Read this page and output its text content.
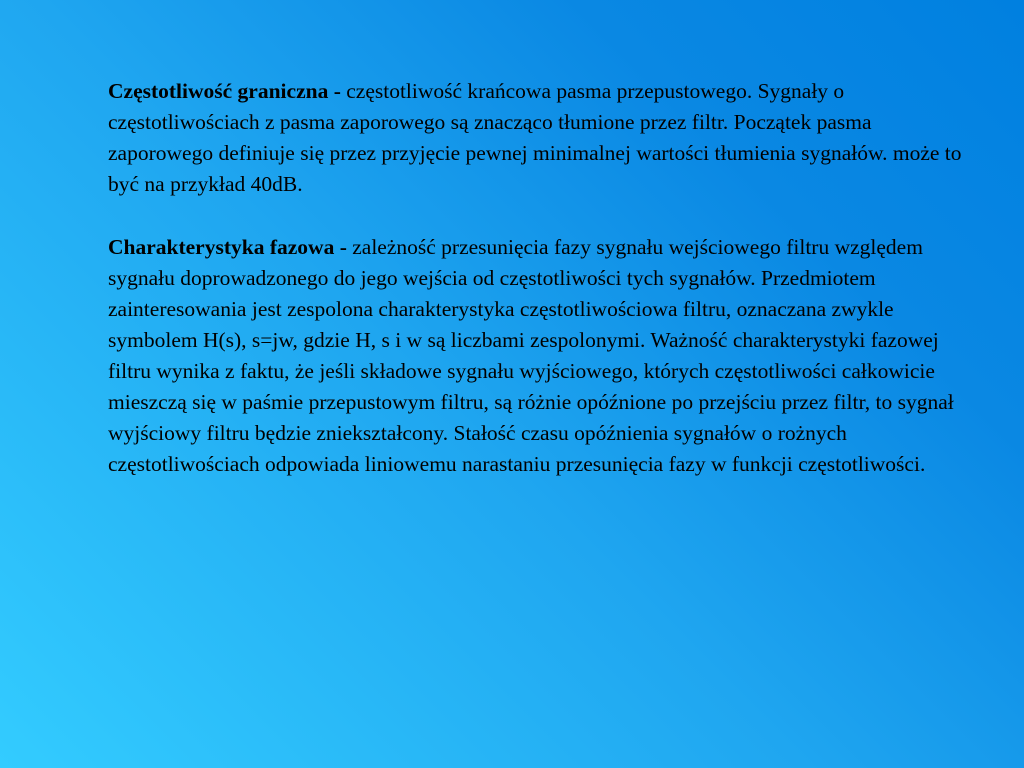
Częstotliwość graniczna - częstotliwość krańcowa pasma przepustowego. Sygnały o częstotliwościach z pasma zaporowego są znacząco tłumione przez filtr. Początek pasma zaporowego definiuje się przez przyjęcie pewnej minimalnej wartości tłumienia sygnałów. może to być na przykład 40dB.

Charakterystyka fazowa - zależność przesunięcia fazy sygnału wejściowego filtru względem sygnału doprowadzonego do jego wejścia od częstotliwości tych sygnałów. Przedmiotem zainteresowania jest zespolona charakterystyka częstotliwościowa filtru, oznaczana zwykle symbolem H(s), s=jw, gdzie H, s i w są liczbami zespolonymi. Ważność charakterystyki fazowej filtru wynika z faktu, że jeśli składowe sygnału wyjściowego, których częstotliwości całkowicie mieszczą się w paśmie przepustowym filtru, są różnie opóźnione po przejściu przez filtr, to sygnał wyjściowy filtru będzie zniekształcony. Stałość czasu opóźnienia sygnałów o rożnych częstotliwościach odpowiada liniowemu narastaniu przesunięcia fazy w funkcji częstotliwości.
